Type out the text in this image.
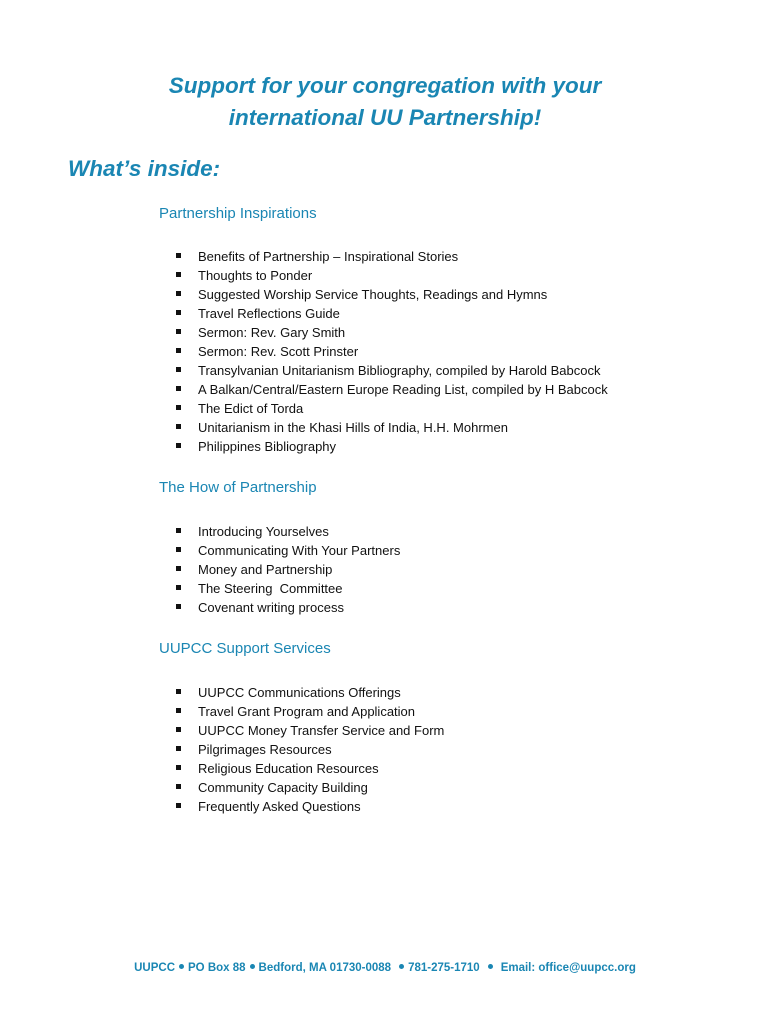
Support for your congregation with your
international UU Partnership!
What’s inside:
Partnership Inspirations
Benefits of Partnership – Inspirational Stories
Thoughts to Ponder
Suggested Worship Service Thoughts, Readings and Hymns
Travel Reflections Guide
Sermon: Rev. Gary Smith
Sermon: Rev. Scott Prinster
Transylvanian Unitarianism Bibliography, compiled by Harold Babcock
A Balkan/Central/Eastern Europe Reading List, compiled by H Babcock
The Edict of Torda
Unitarianism in the Khasi Hills of India, H.H. Mohrmen
Philippines Bibliography
The How of Partnership
Introducing Yourselves
Communicating With Your Partners
Money and Partnership
The Steering  Committee
Covenant writing process
UUPCC Support Services
UUPCC Communications Offerings
Travel Grant Program and Application
UUPCC Money Transfer Service and Form
Pilgrimages Resources
Religious Education Resources
Community Capacity Building
Frequently Asked Questions
UUPCC PO Box 88 Bedford, MA 01730-0088 781-275-1710 Email: office@uupcc.org
